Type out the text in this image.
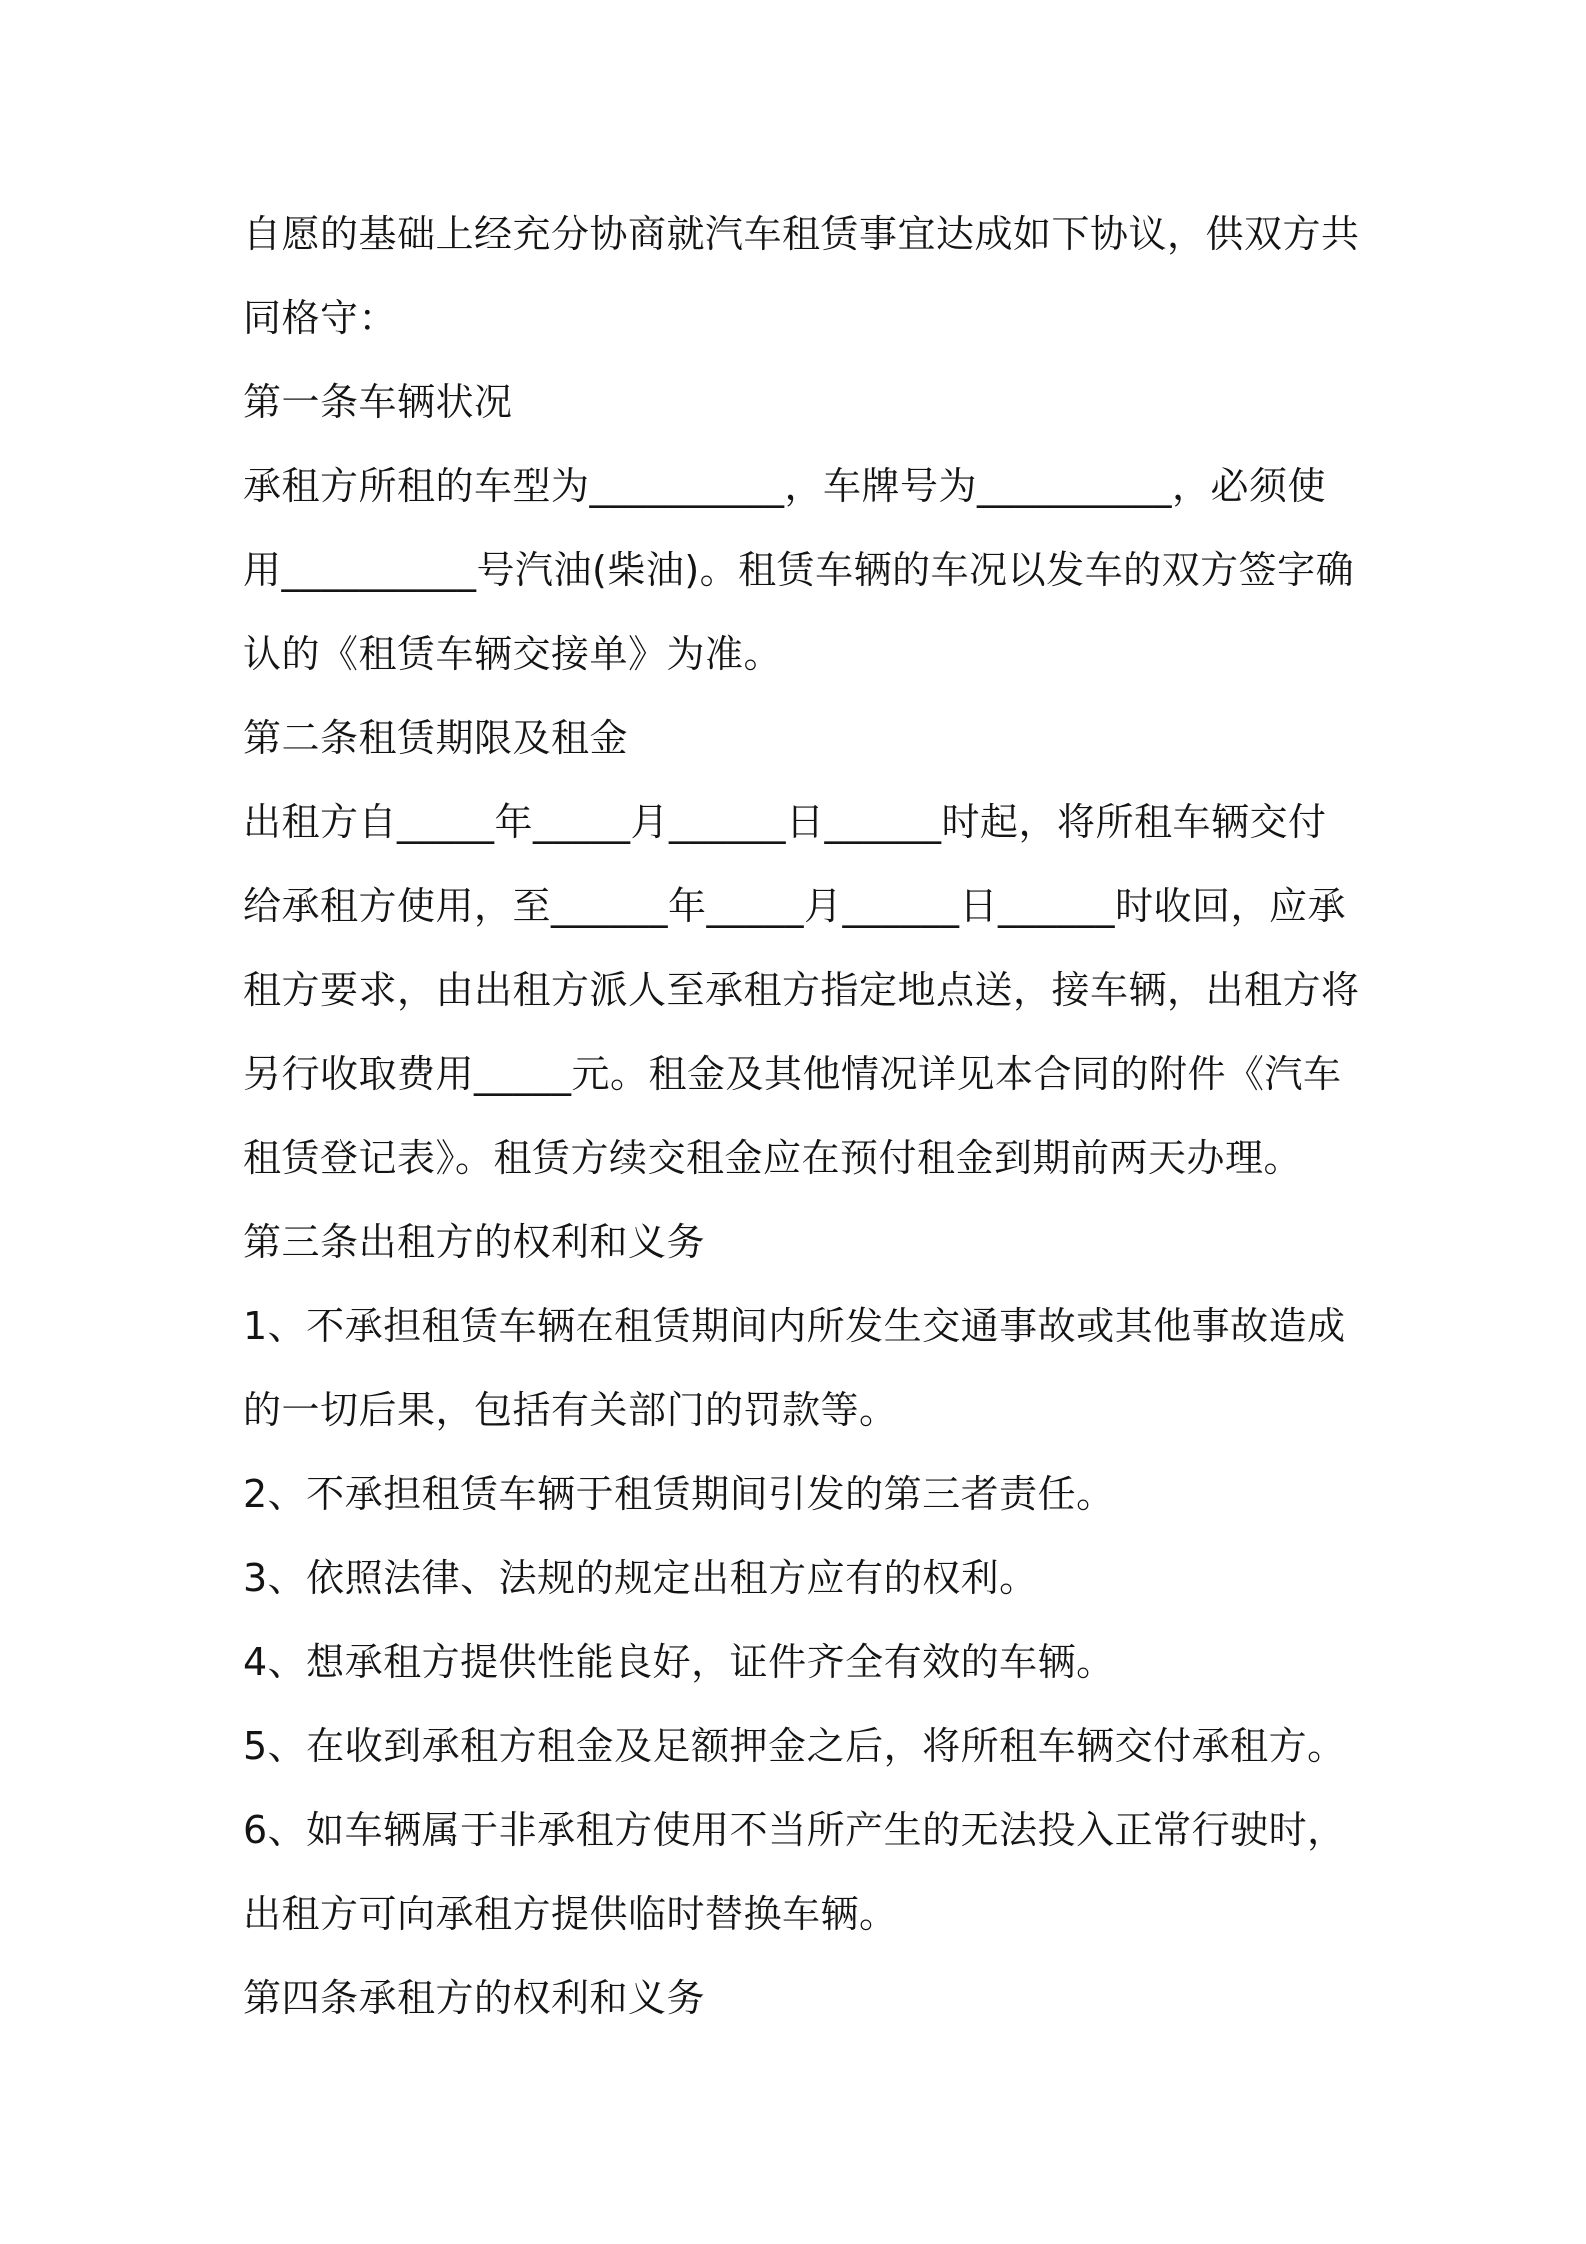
自愿的基础上经充分协商就汽车租赁事宜达成如下协议，供双方共同格守：

第一条车辆状况

承租方所租的车型为__________，车牌号为__________，必须使用__________号汽油(柴油)。租赁车辆的车况以发车的双方签字确认的《租赁车辆交接单》为准。

第二条租赁期限及租金

出租方自_____年_____月______日______时起，将所租车辆交付给承租方使用，至______年_____月______日______时收回，应承租方要求，由出租方派人至承租方指定地点送，接车辆，出租方将另行收取费用_____元。租金及其他情况详见本合同的附件《汽车租赁登记表》。租赁方续交租金应在预付租金到期前两天办理。

第三条出租方的权利和义务

1、不承担租赁车辆在租赁期间内所发生交通事故或其他事故造成的一切后果，包括有关部门的罚款等。

2、不承担租赁车辆于租赁期间引发的第三者责任。

3、依照法律、法规的规定出租方应有的权利。

4、想承租方提供性能良好，证件齐全有效的车辆。

5、在收到承租方租金及足额押金之后，将所租车辆交付承租方。

6、如车辆属于非承租方使用不当所产生的无法投入正常行驶时，出租方可向承租方提供临时替换车辆。

第四条承租方的权利和义务
